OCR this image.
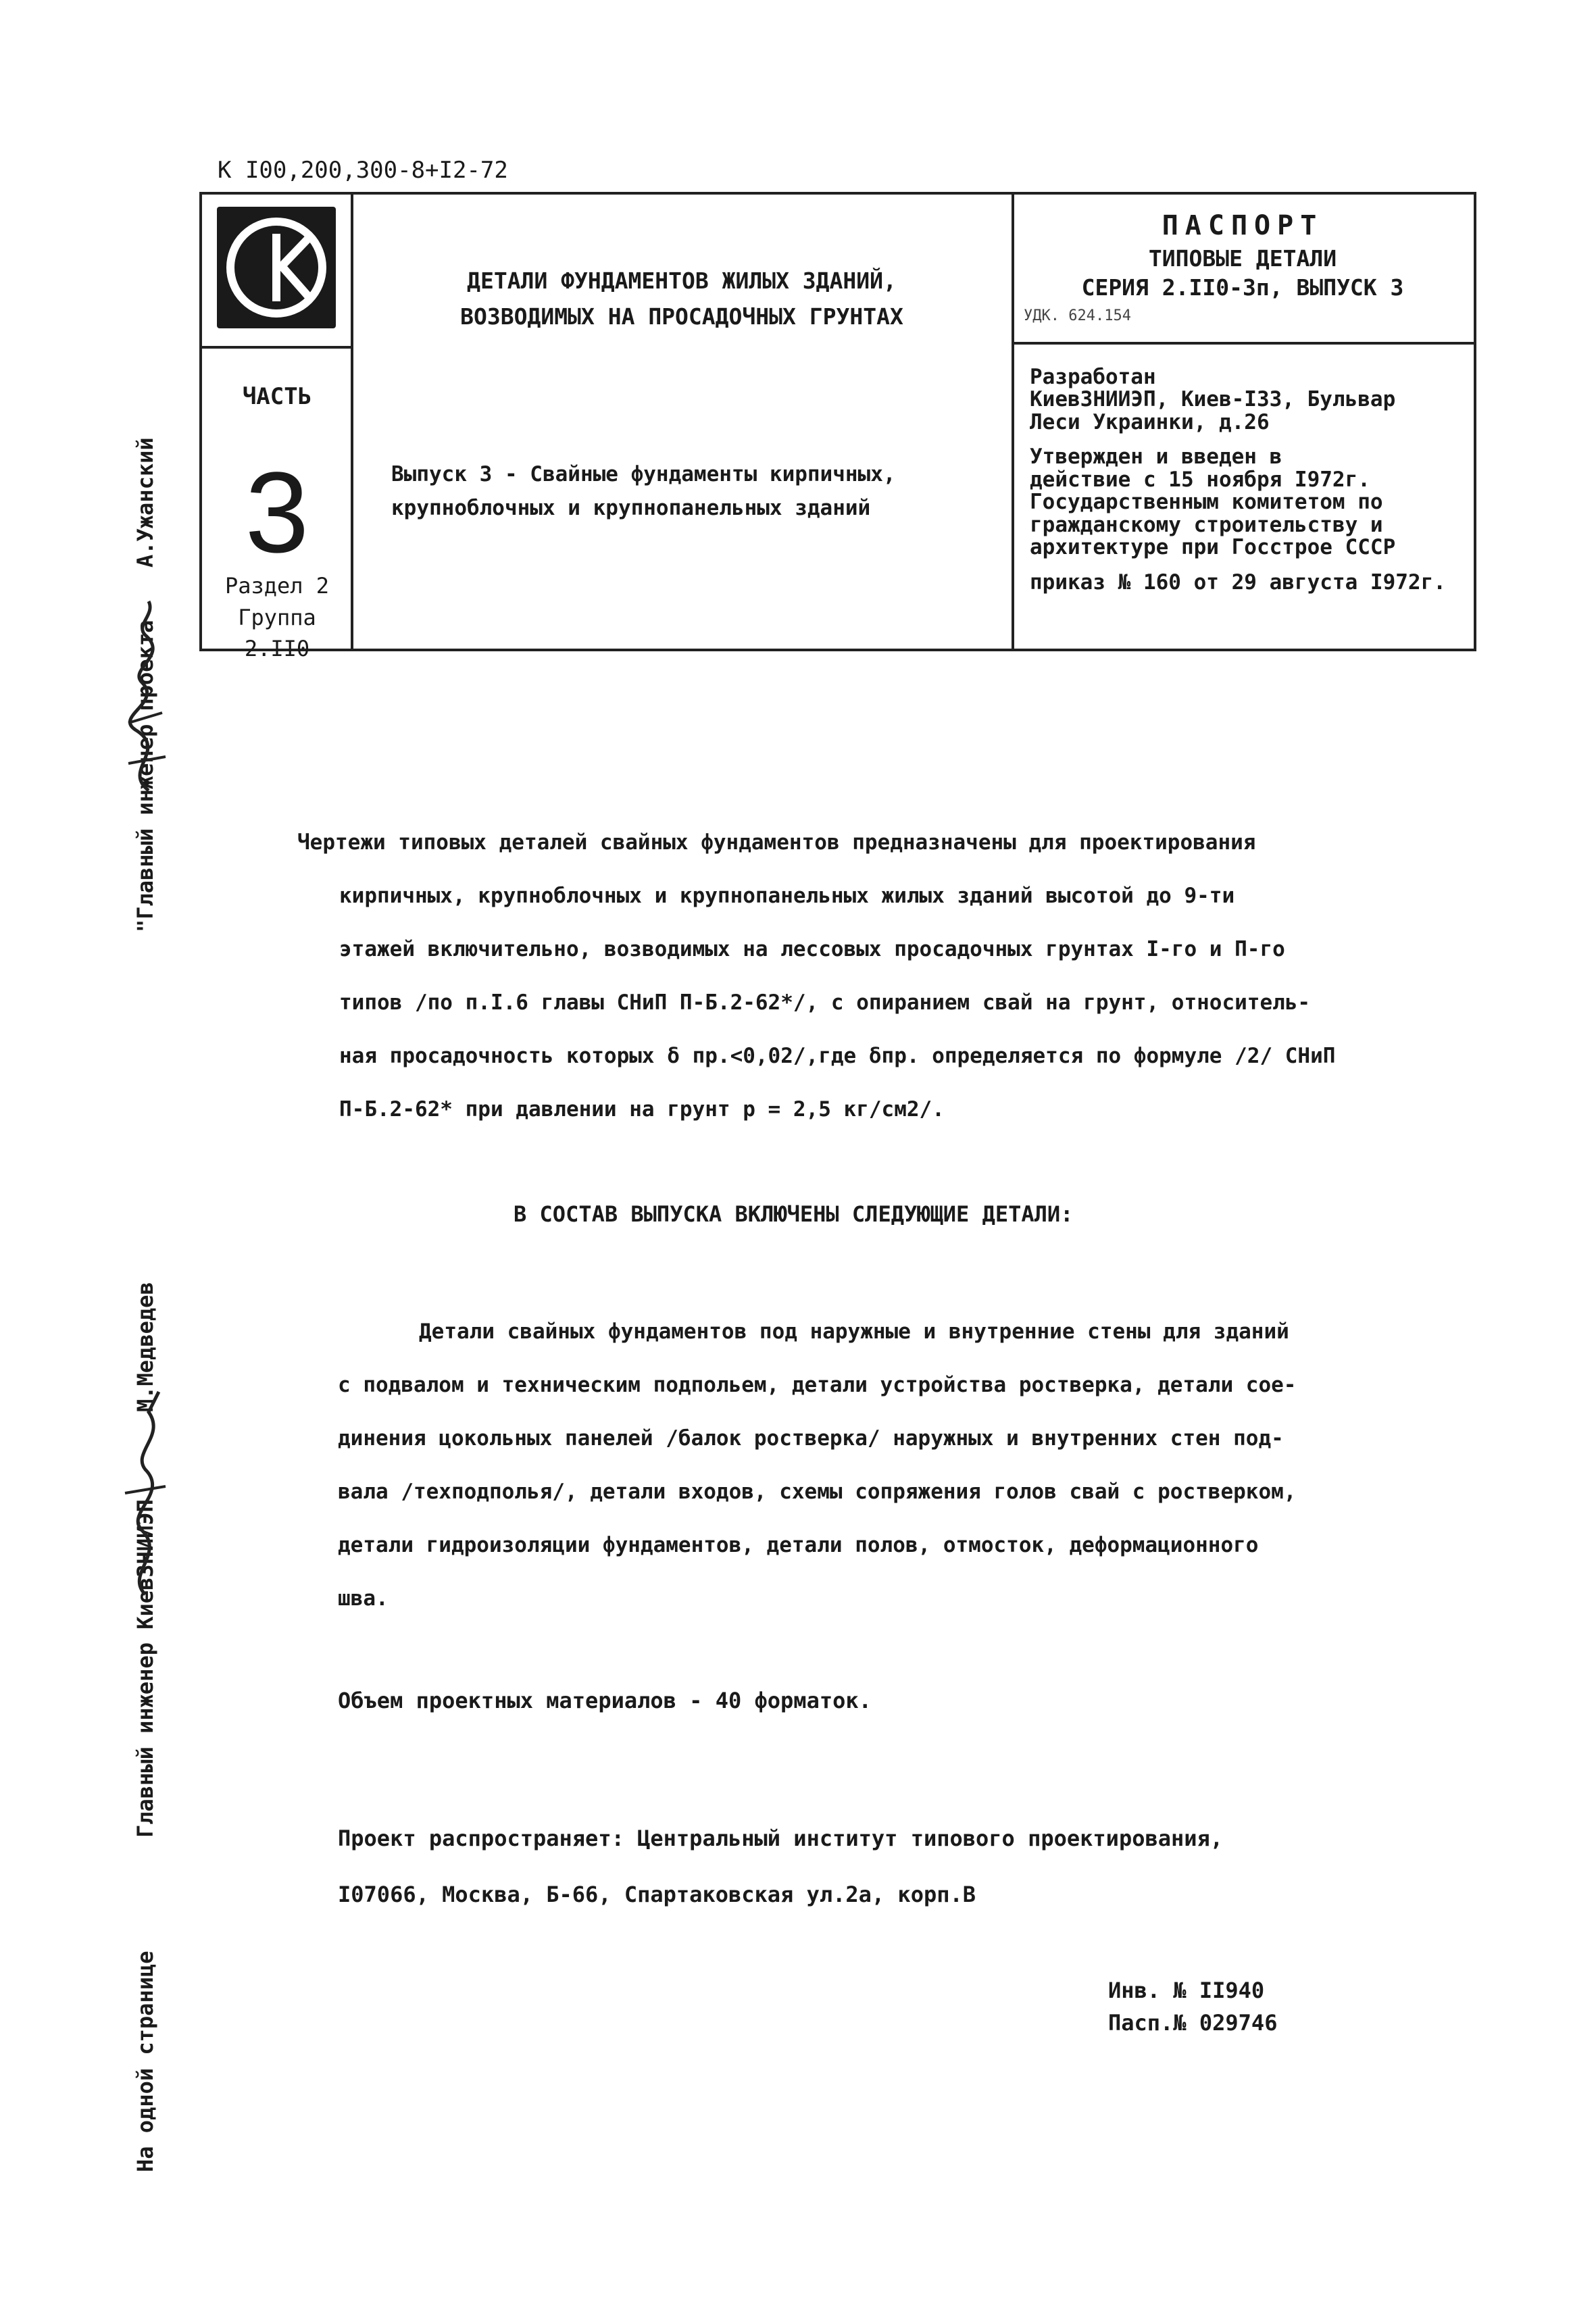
К I00,200,300-8+I2-72
ДЕТАЛИ ФУНДАМЕНТОВ ЖИЛЫХ ЗДАНИЙ,
ВОЗВОДИМЫХ НА ПРОСАДОЧНЫХ ГРУНТАХ
ЧАСТЬ
3
Раздел 2
Группа
2.II0
Выпуск 3 - Свайные фундаменты кирпичных,
крупноблочных и крупнопанельных зданий
ПАСПОРТ
ТИПОВЫЕ ДЕТАЛИ
СЕРИЯ 2.II0-3п, ВЫПУСК 3
УДК. 624.154
Разработан
КиевЗНИИЭП, Киев-I33, Бульвар
Леси Украинки, д.26
Утвержден и введен в
действие с 15 ноября I972г.
Государственным комитетом по
гражданскому строительству и
архитектуре при Госстрое СССР
приказ № 160 от 29 августа I972г.
Чертежи типовых деталей свайных фундаментов предназначены для проектирования
кирпичных, крупноблочных и крупнопанельных жилых зданий высотой до 9-ти
этажей включительно, возводимых на лессовых просадочных грунтах I-го и П-го
типов /по п.I.6 главы СНиП П-Б.2-62*/, с опиранием свай на грунт, относитель-
ная просадочность которых δ пр.<0,02/,где δпр. определяется по формуле /2/ СНиП
П-Б.2-62* при давлении на грунт р = 2,5 кг/см2/.
В СОСТАВ ВЫПУСКА ВКЛЮЧЕНЫ СЛЕДУЮЩИЕ ДЕТАЛИ:
Детали свайных фундаментов под наружные и внутренние стены для зданий
с подвалом и техническим подпольем, детали устройства ростверка, детали сое-
динения цокольных панелей /балок ростверка/ наружных и внутренних стен под-
вала /техподполья/, детали входов, схемы сопряжения голов свай с ростверком,
детали гидроизоляции фундаментов, детали полов, отмосток, деформационного
шва.
Объем проектных материалов - 40 форматок.
Проект распространяет: Центральный институт типового проектирования,
I07066, Москва, Б-66, Спартаковская ул.2а, корп.В
Инв. № II940
Пасп.№ 029746
"Главный инженер проекта
А.Ужанский
Главный инженер КиевЗНИИЭП
М.Медведев
На одной странице
